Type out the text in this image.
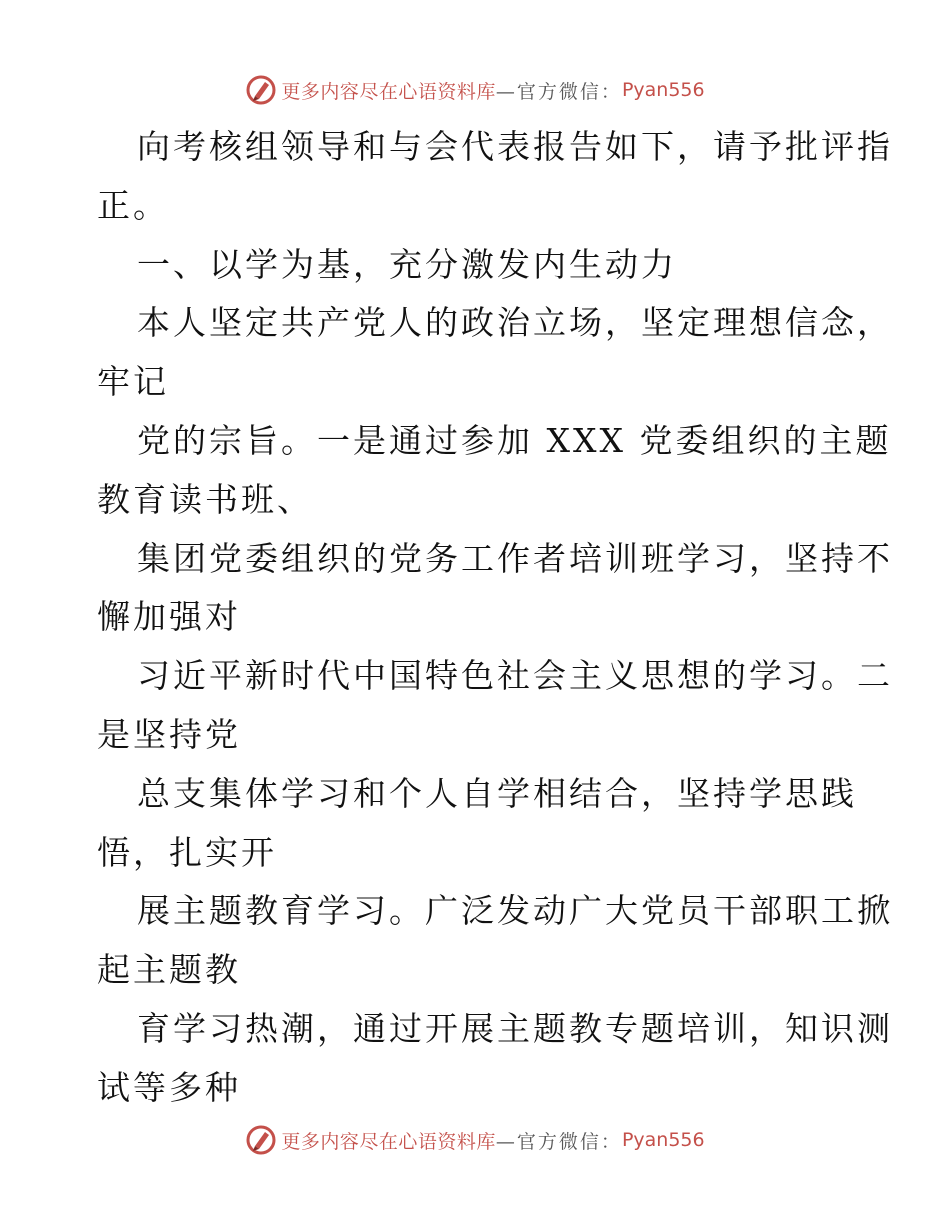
更多内容尽在心语资料库 —官方微信： Pyan556
向考核组领导和与会代表报告如下，请予批评指
正。
一、以学为基，充分激发内生动力
本人坚定共产党人的政治立场，坚定理想信念，
牢记
党的宗旨。一是通过参加 XXX 党委组织的主题
教育读书班、
集团党委组织的党务工作者培训班学习，坚持不
懈加强对
习近平新时代中国特色社会主义思想的学习。二
是坚持党
总支集体学习和个人自学相结合，坚持学思践
悟，扎实开
展主题教育学习。广泛发动广大党员干部职工掀
起主题教
育学习热潮，通过开展主题教专题培训，知识测
试等多种
更多内容尽在心语资料库 —官方微信： Pyan556
